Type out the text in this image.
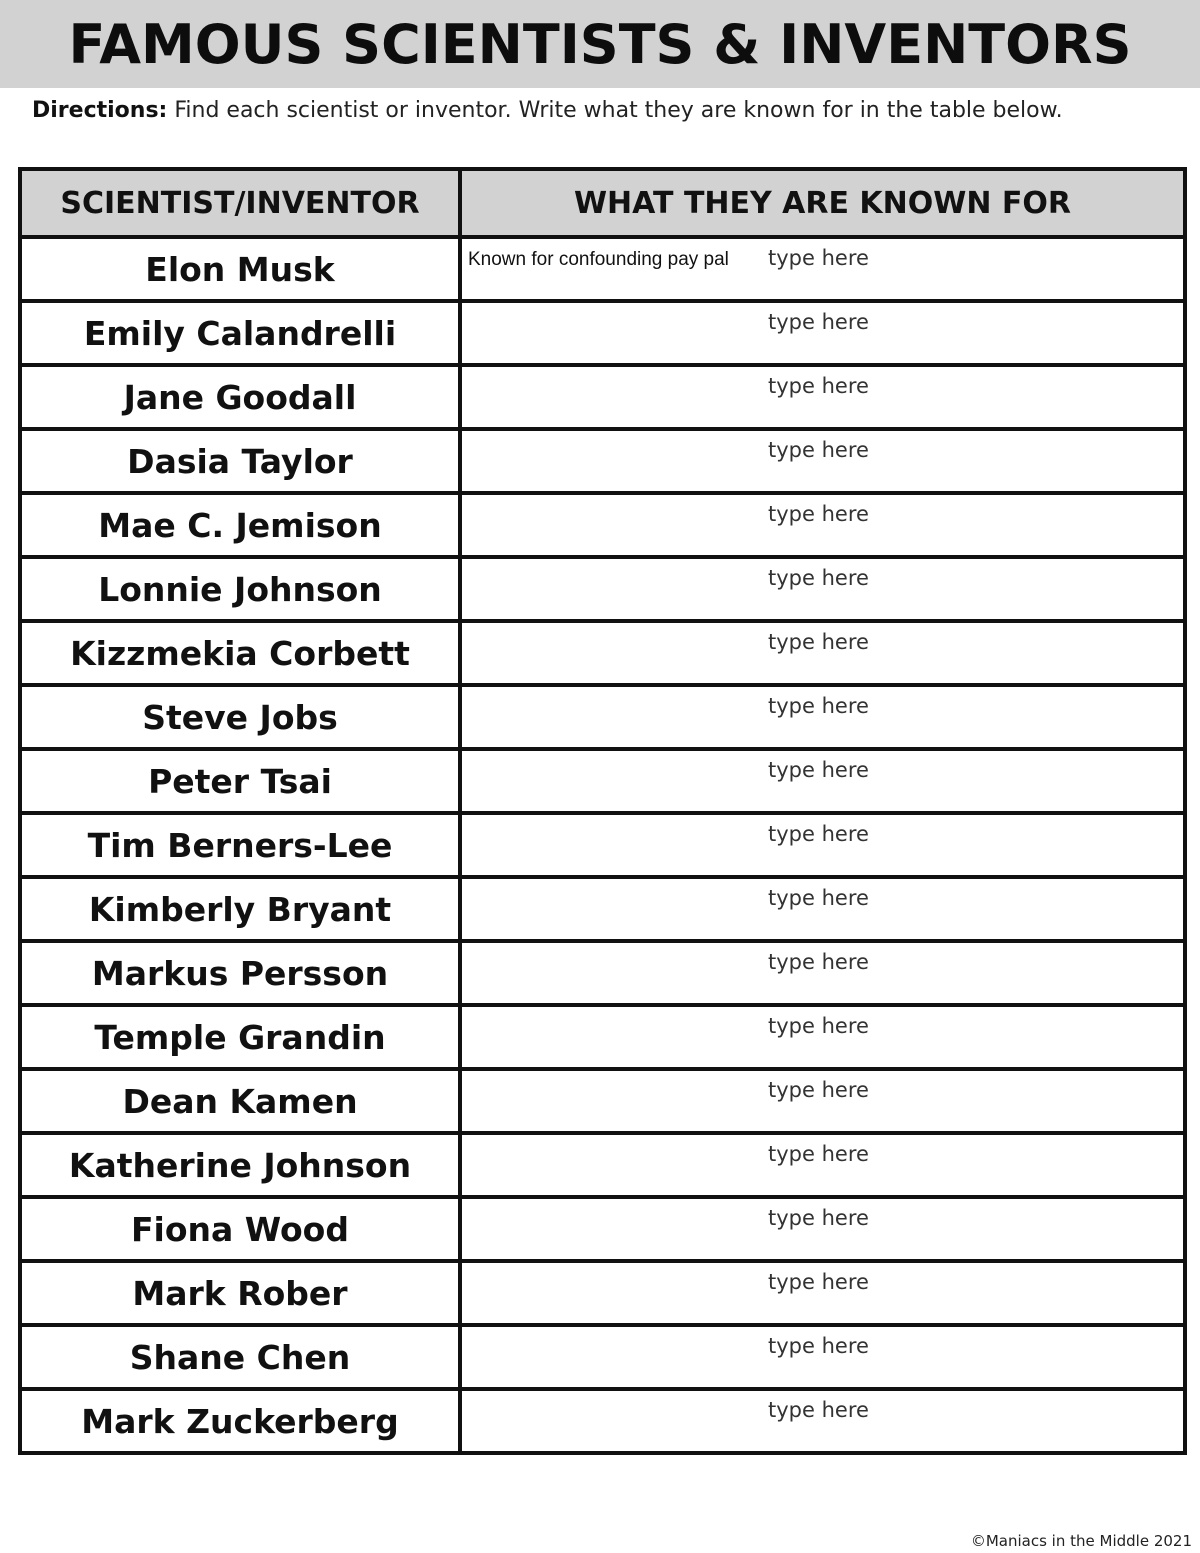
FAMOUS SCIENTISTS & INVENTORS
Directions: Find each scientist or inventor. Write what they are known for in the table below.
SCIENTIST/INVENTOR	WHAT THEY ARE KNOWN FOR
Elon Musk	Known for confounding pay pal type here

Emily Calandrelli	type here

Jane Goodall	type here

Dasia Taylor	type here

Mae C. Jemison	type here

Lonnie Johnson	type here

Kizzmekia Corbett	type here

Steve Jobs	type here

Peter Tsai	type here

Tim Berners-Lee	type here

Kimberly Bryant	type here

Markus Persson	type here

Temple Grandin	type here

Dean Kamen	type here

Katherine Johnson	type here

Fiona Wood	type here

Mark Rober	type here

Shane Chen	type here

Mark Zuckerberg	type here
©Maniacs in the Middle 2021
